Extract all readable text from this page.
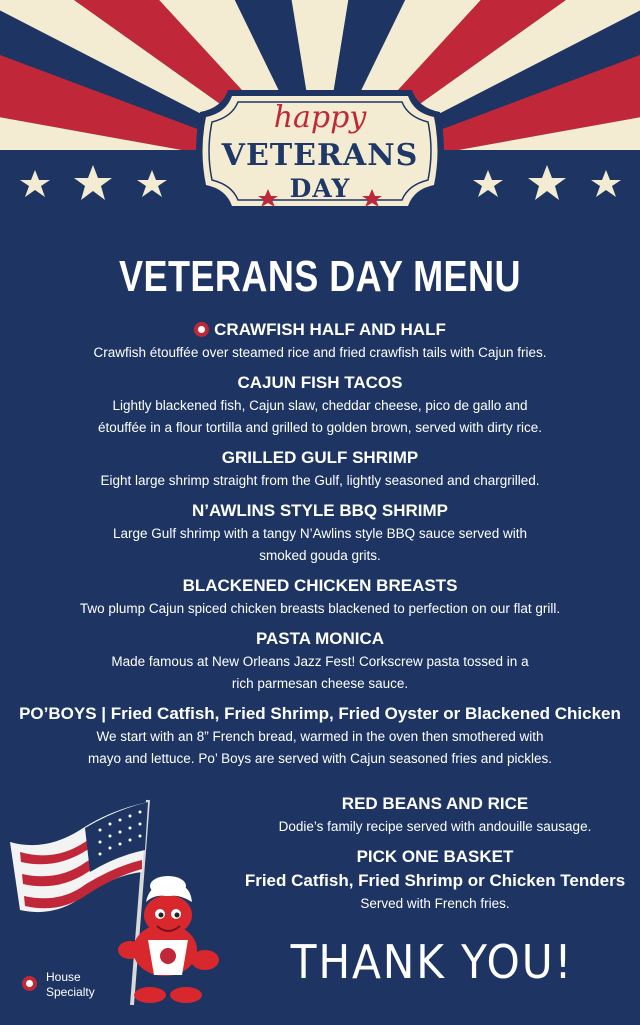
happy
VETERANS
DAY
VETERANS DAY MENU
CRAWFISH HALF AND HALF
Crawfish étouffée over steamed rice and fried crawfish tails with Cajun fries.
CAJUN FISH TACOS
Lightly blackened fish, Cajun slaw, cheddar cheese, pico de gallo and
étouffée in a flour tortilla and grilled to golden brown, served with dirty rice.
GRILLED GULF SHRIMP
Eight large shrimp straight from the Gulf, lightly seasoned and chargrilled.
N’AWLINS STYLE BBQ SHRIMP
Large Gulf shrimp with a tangy N’Awlins style BBQ sauce served with
smoked gouda grits.
BLACKENED CHICKEN BREASTS
Two plump Cajun spiced chicken breasts blackened to perfection on our flat grill.
PASTA MONICA
Made famous at New Orleans Jazz Fest! Corkscrew pasta tossed in a
rich parmesan cheese sauce.
PO’BOYS | Fried Catfish, Fried Shrimp, Fried Oyster or Blackened Chicken
We start with an 8” French bread, warmed in the oven then smothered with
mayo and lettuce. Po’ Boys are served with Cajun seasoned fries and pickles.
RED BEANS AND RICE
Dodie’s family recipe served with andouille sausage.
PICK ONE BASKET
Fried Catfish, Fried Shrimp or Chicken Tenders
Served with French fries.
THANK YOU!
House
Specialty
